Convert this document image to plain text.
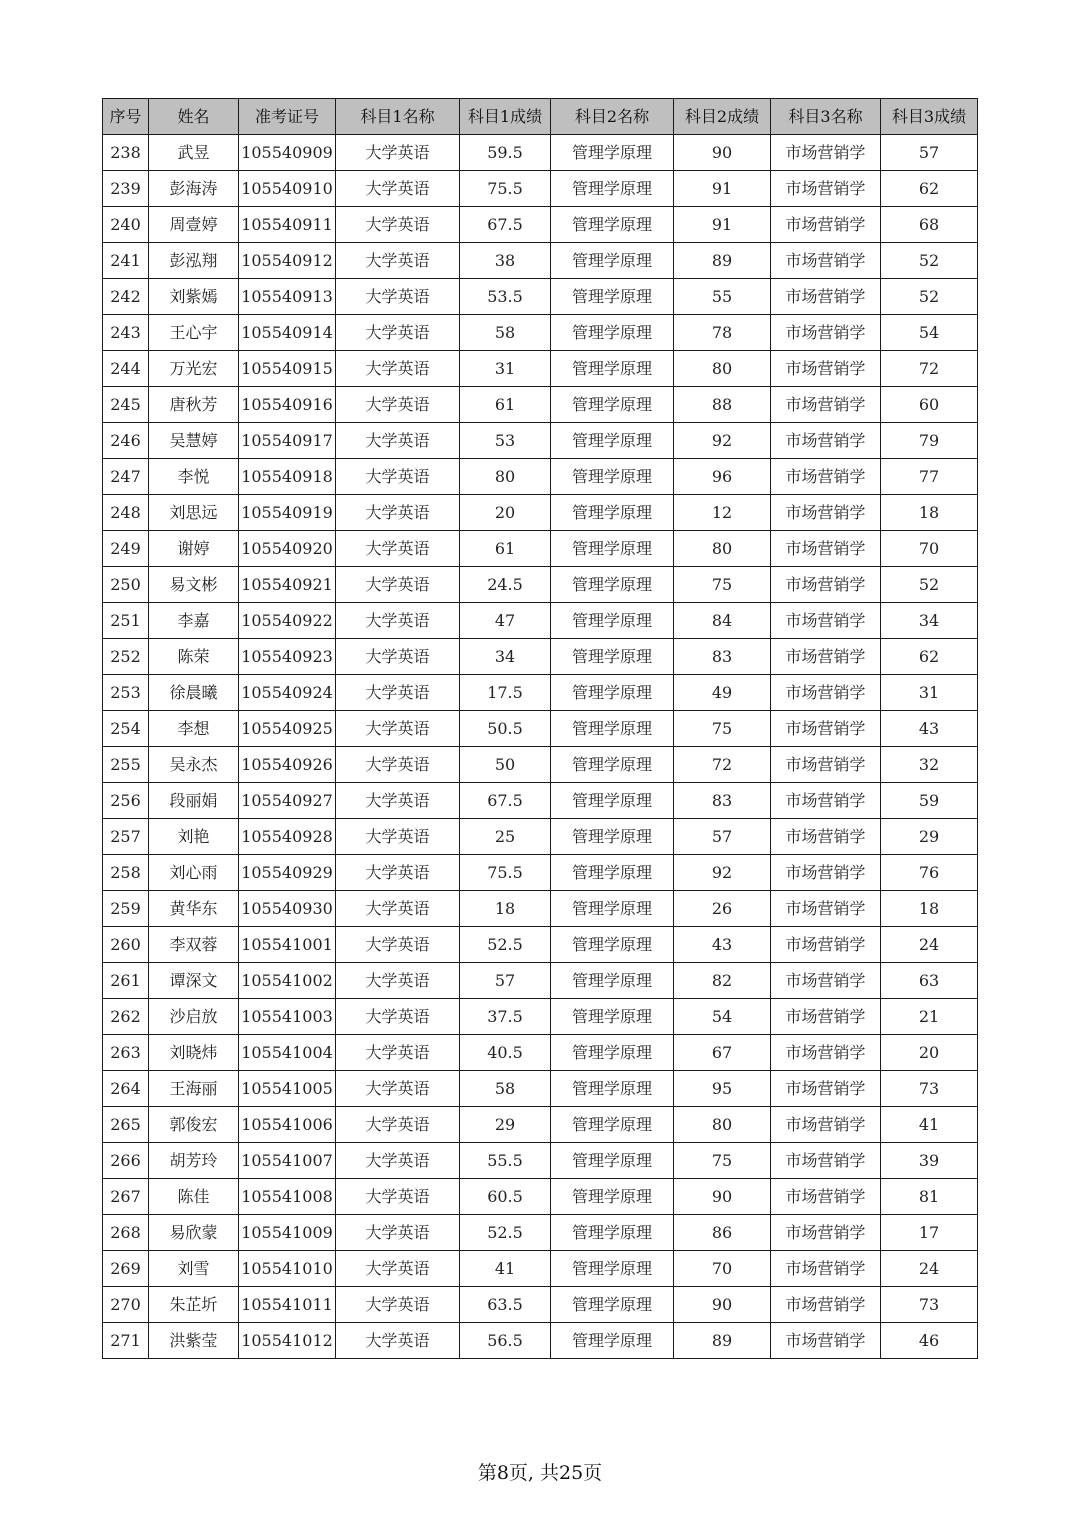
序号	姓名	准考证号	科目1名称	科目1成绩	科目2名称	科目2成绩	科目3名称	科目3成绩
238	武昱	105540909	大学英语	59.5	管理学原理	90	市场营销学	57
239	彭海涛	105540910	大学英语	75.5	管理学原理	91	市场营销学	62
240	周壹婷	105540911	大学英语	67.5	管理学原理	91	市场营销学	68
241	彭泓翔	105540912	大学英语	38	管理学原理	89	市场营销学	52
242	刘紫嫣	105540913	大学英语	53.5	管理学原理	55	市场营销学	52
243	王心宇	105540914	大学英语	58	管理学原理	78	市场营销学	54
244	万光宏	105540915	大学英语	31	管理学原理	80	市场营销学	72
245	唐秋芳	105540916	大学英语	61	管理学原理	88	市场营销学	60
246	吴慧婷	105540917	大学英语	53	管理学原理	92	市场营销学	79
247	李悦	105540918	大学英语	80	管理学原理	96	市场营销学	77
248	刘思远	105540919	大学英语	20	管理学原理	12	市场营销学	18
249	谢婷	105540920	大学英语	61	管理学原理	80	市场营销学	70
250	易文彬	105540921	大学英语	24.5	管理学原理	75	市场营销学	52
251	李嘉	105540922	大学英语	47	管理学原理	84	市场营销学	34
252	陈荣	105540923	大学英语	34	管理学原理	83	市场营销学	62
253	徐晨曦	105540924	大学英语	17.5	管理学原理	49	市场营销学	31
254	李想	105540925	大学英语	50.5	管理学原理	75	市场营销学	43
255	吴永杰	105540926	大学英语	50	管理学原理	72	市场营销学	32
256	段丽娟	105540927	大学英语	67.5	管理学原理	83	市场营销学	59
257	刘艳	105540928	大学英语	25	管理学原理	57	市场营销学	29
258	刘心雨	105540929	大学英语	75.5	管理学原理	92	市场营销学	76
259	黄华东	105540930	大学英语	18	管理学原理	26	市场营销学	18
260	李双蓉	105541001	大学英语	52.5	管理学原理	43	市场营销学	24
261	谭深文	105541002	大学英语	57	管理学原理	82	市场营销学	63
262	沙启放	105541003	大学英语	37.5	管理学原理	54	市场营销学	21
263	刘晓炜	105541004	大学英语	40.5	管理学原理	67	市场营销学	20
264	王海丽	105541005	大学英语	58	管理学原理	95	市场营销学	73
265	郭俊宏	105541006	大学英语	29	管理学原理	80	市场营销学	41
266	胡芳玲	105541007	大学英语	55.5	管理学原理	75	市场营销学	39
267	陈佳	105541008	大学英语	60.5	管理学原理	90	市场营销学	81
268	易欣蒙	105541009	大学英语	52.5	管理学原理	86	市场营销学	17
269	刘雪	105541010	大学英语	41	管理学原理	70	市场营销学	24
270	朱芷圻	105541011	大学英语	63.5	管理学原理	90	市场营销学	73
271	洪紫莹	105541012	大学英语	56.5	管理学原理	89	市场营销学	46
第8页, 共25页
